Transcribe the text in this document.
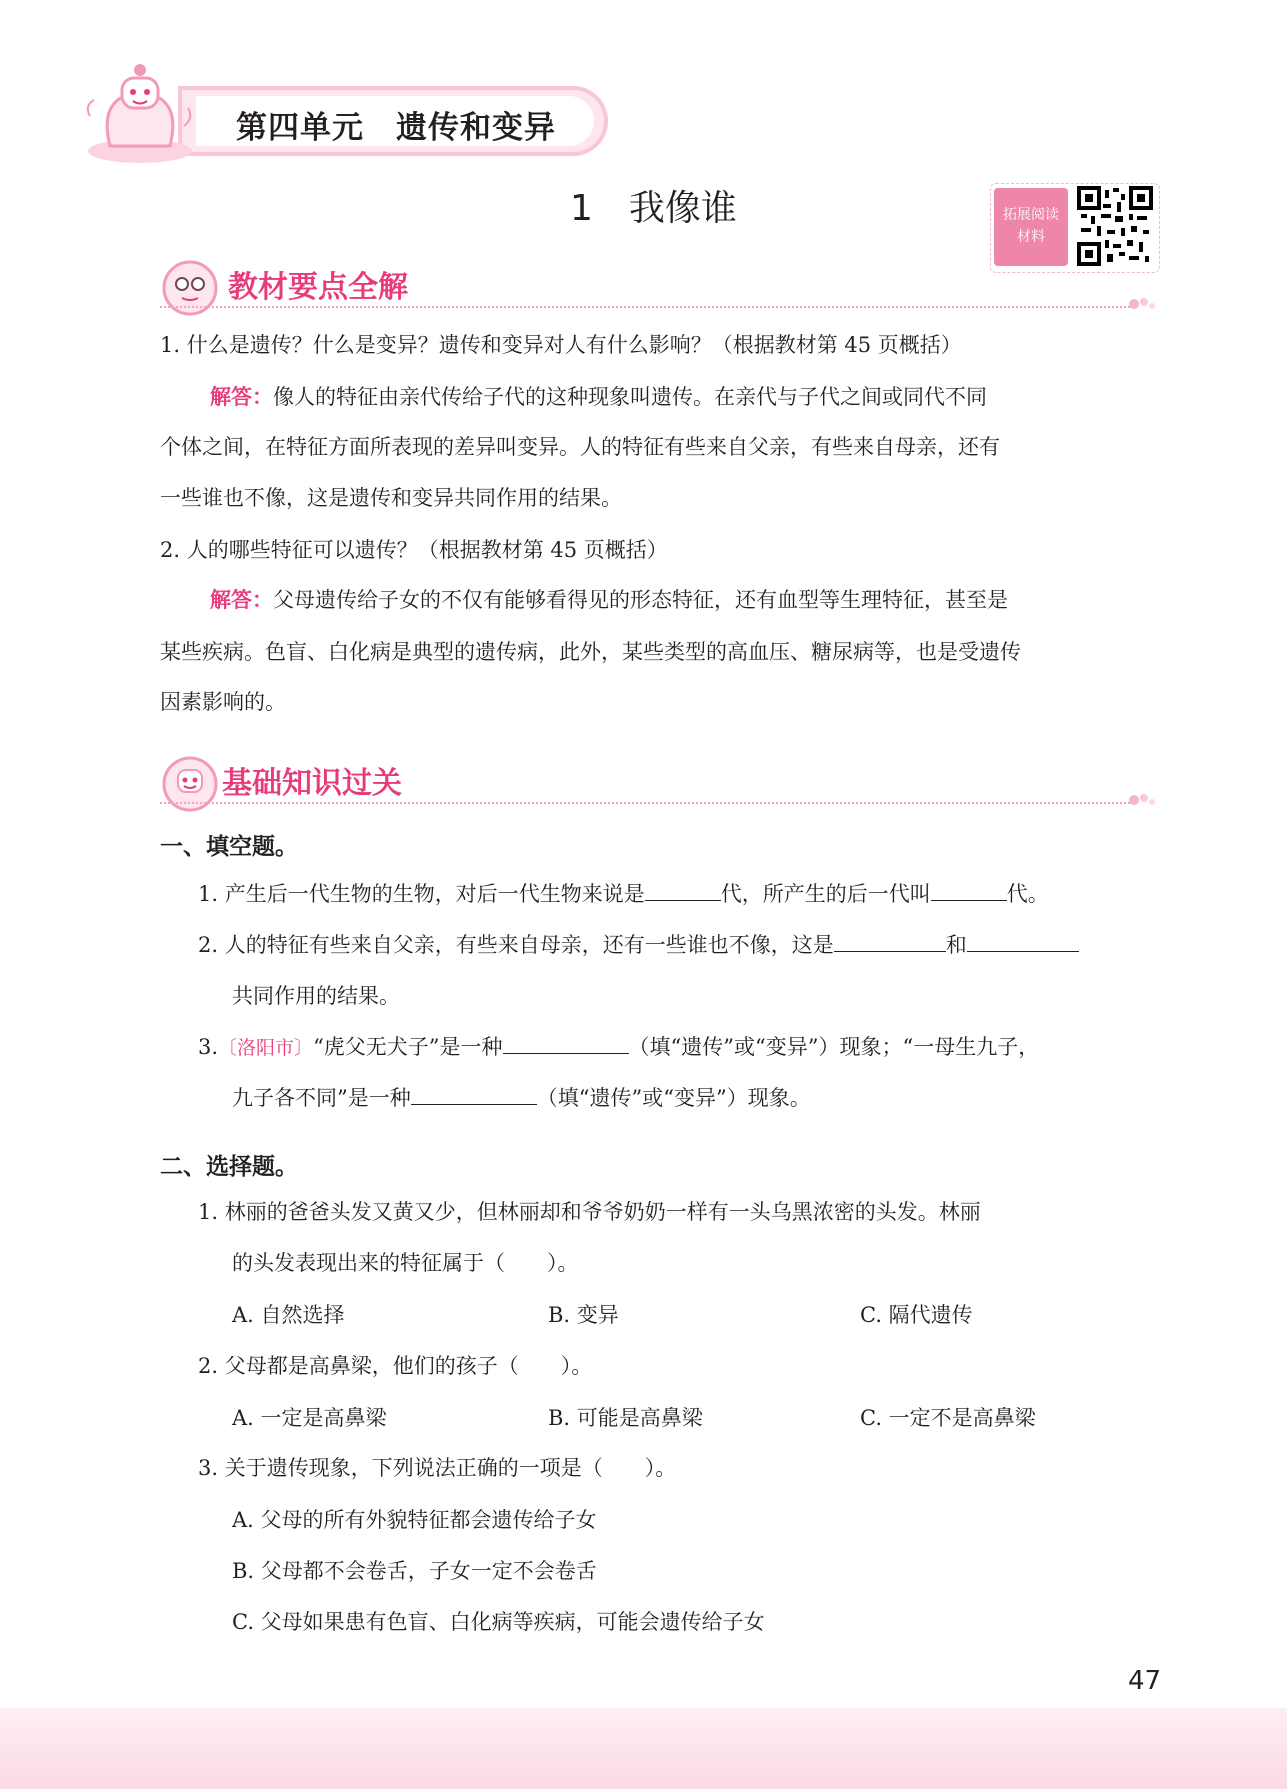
第四单元　遗传和变异
1　我像谁	拓展阅读
材料
教材要点全解
1. 什么是遗传？什么是变异？遗传和变异对人有什么影响？（根据教材第 45 页概括）
解答：像人的特征由亲代传给子代的这种现象叫遗传。在亲代与子代之间或同代不同
个体之间，在特征方面所表现的差异叫变异。人的特征有些来自父亲，有些来自母亲，还有
一些谁也不像，这是遗传和变异共同作用的结果。
2. 人的哪些特征可以遗传？（根据教材第 45 页概括）
解答：父母遗传给子女的不仅有能够看得见的形态特征，还有血型等生理特征，甚至是
某些疾病。色盲、白化病是典型的遗传病，此外，某些类型的高血压、糖尿病等，也是受遗传
因素影响的。
基础知识过关
一、填空题。
1. 产生后一代生物的生物，对后一代生物来说是	代，所产生的后一代叫	代。
2. 人的特征有些来自父亲，有些来自母亲，还有一些谁也不像，这是	和
共同作用的结果。
3.〔洛阳市〕“虎父无犬子”是一种	（填“遗传”或“变异”）现象；“一母生九子，
九子各不同”是一种	（填“遗传”或“变异”）现象。
二、选择题。
1. 林丽的爸爸头发又黄又少，但林丽却和爷爷奶奶一样有一头乌黑浓密的头发。林丽
的头发表现出来的特征属于（　　）。
A. 自然选择	B. 变异	C. 隔代遗传
2. 父母都是高鼻梁，他们的孩子（　　）。
A. 一定是高鼻梁	B. 可能是高鼻梁	C. 一定不是高鼻梁
3. 关于遗传现象，下列说法正确的一项是（　　）。
A. 父母的所有外貌特征都会遗传给子女
B. 父母都不会卷舌，子女一定不会卷舌
C. 父母如果患有色盲、白化病等疾病，可能会遗传给子女
47
